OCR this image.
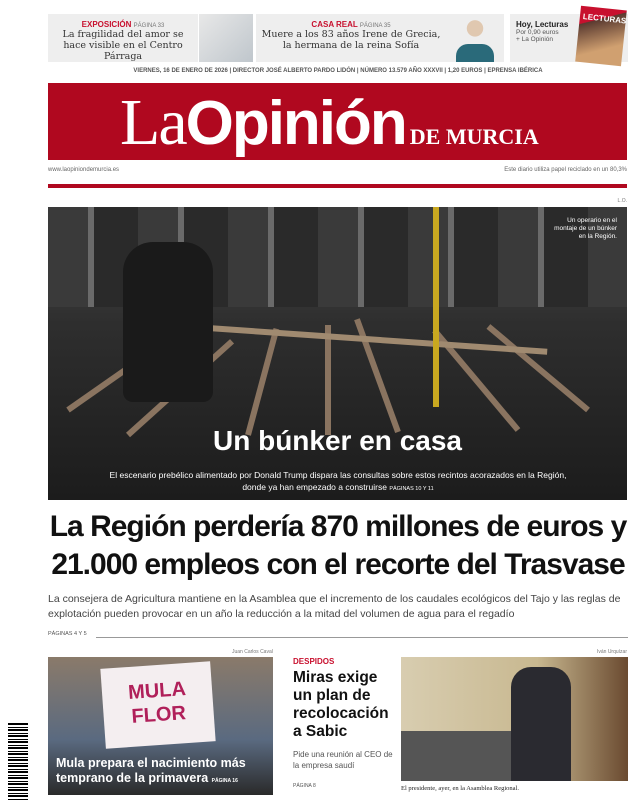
EXPOSICIÓN PÁGINA 33
La fragilidad del amor se hace visible en el Centro Párraga
CASA REAL PÁGINA 35
Muere a los 83 años Irene de Grecia, la hermana de la reina Sofía
Hoy, Lecturas
Por 0,90 euros
+ La Opinión
LECTURAS
VIERNES, 16 DE ENERO DE 2026 | DIRECTOR JOSÉ ALBERTO PARDO LIDÓN | NÚMERO 13.579 AÑO XXXVII | 1,20 EUROS | EPRENSA IBÉRICA
LaOpinión DE MURCIA
www.laopiniondemurcia.es	Este diario utiliza papel reciclado en un 80,3%
L.O.
Un operario en el montaje de un búnker en la Región.
Un búnker en casa
El escenario prebélico alimentado por Donald Trump dispara las consultas sobre estos recintos acorazados en la Región, donde ya han empezado a construirse PÁGINAS 10 Y 11
La Región perdería 870 millones de euros y 21.000 empleos con el recorte del Trasvase
La consejera de Agricultura mantiene en la Asamblea que el incremento de los caudales ecológicos del Tajo y las reglas de explotación pueden provocar en un año la reducción a la mitad del volumen de agua para el regadío
PÁGINAS 4 Y 5
Juan Carlos Caval
MULA FLOR
Mula prepara el nacimiento más temprano de la primavera PÁGINA 16
DESPIDOS
Miras exige un plan de recolocación a Sabic
Pide una reunión al CEO de la empresa saudí
PÁGINA 8
Iván Urquízar
El presidente, ayer, en la Asamblea Regional.
